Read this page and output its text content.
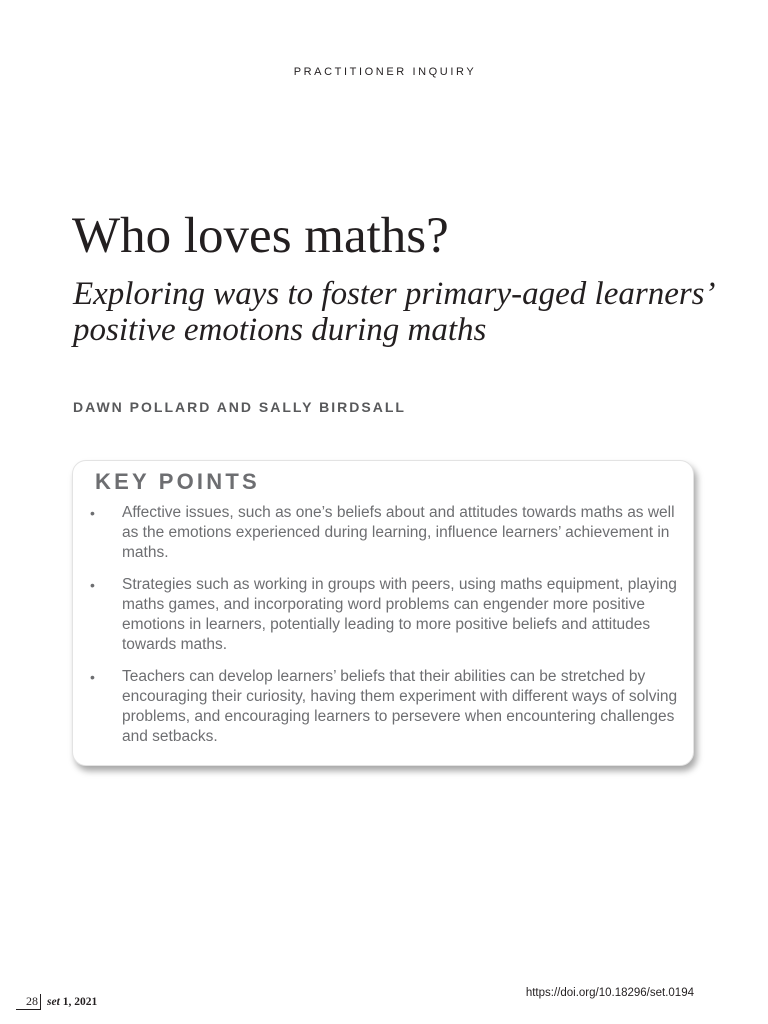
PRACTITIONER INQUIRY
Who loves maths?
Exploring ways to foster primary-aged learners’ positive emotions during maths
DAWN POLLARD AND SALLY BIRDSALL
KEY POINTS
• Affective issues, such as one’s beliefs about and attitudes towards maths as well as the emotions experienced during learning, influence learners’ achievement in maths.
• Strategies such as working in groups with peers, using maths equipment, playing maths games, and incorporating word problems can engender more positive emotions in learners, potentially leading to more positive beliefs and attitudes towards maths.
• Teachers can develop learners’ beliefs that their abilities can be stretched by encouraging their curiosity, having them experiment with different ways of solving problems, and encouraging learners to persevere when encountering challenges and setbacks.
28 set 1, 2021
https://doi.org/10.18296/set.0194
